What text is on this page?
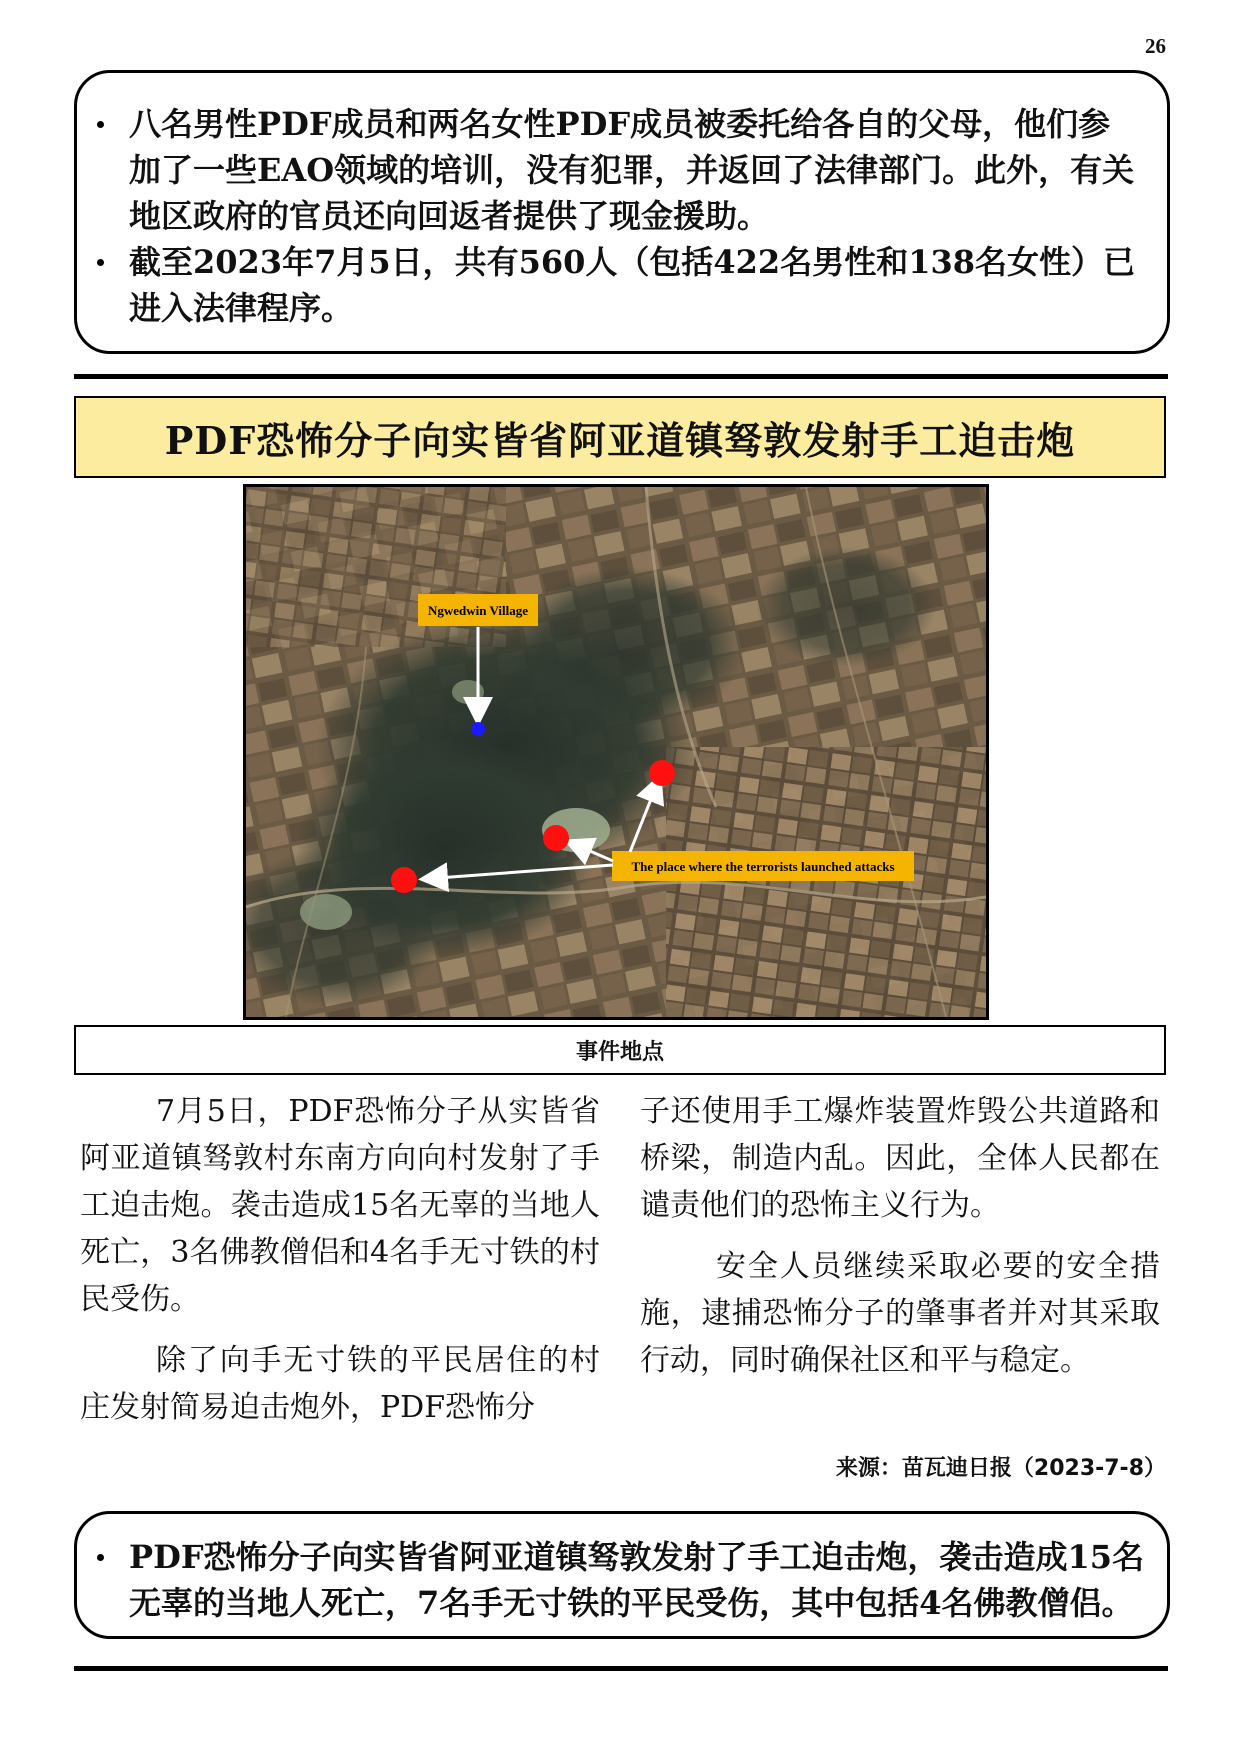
26
八名男性PDF成员和两名女性PDF成员被委托给各自的父母，他们参加了一些EAO领域的培训，没有犯罪，并返回了法律部门。此外，有关地区政府的官员还向回返者提供了现金援助。
截至2023年7月5日，共有560人（包括422名男性和138名女性）已进入法律程序。
PDF恐怖分子向实皆省阿亚道镇驽敦发射手工迫击炮
Ngwedwin Village
The place where the terrorists launched attacks
事件地点

7月5日，PDF恐怖分子从实皆省阿亚道镇驽敦村东南方向向村发射了手工迫击炮。袭击造成15名无辜的当地人死亡，3名佛教僧侣和4名手无寸铁的村民受伤。

除了向手无寸铁的平民居住的村庄发射简易迫击炮外，PDF恐怖分

子还使用手工爆炸装置炸毁公共道路和桥梁，制造内乱。因此，全体人民都在谴责他们的恐怖主义行为。

安全人员继续采取必要的安全措施，逮捕恐怖分子的肇事者并对其采取行动，同时确保社区和平与稳定。

来源：苗瓦迪日报（2023-7-8）
PDF恐怖分子向实皆省阿亚道镇驽敦发射了手工迫击炮，袭击造成15名无辜的当地人死亡，7名手无寸铁的平民受伤，其中包括4名佛教僧侣。
